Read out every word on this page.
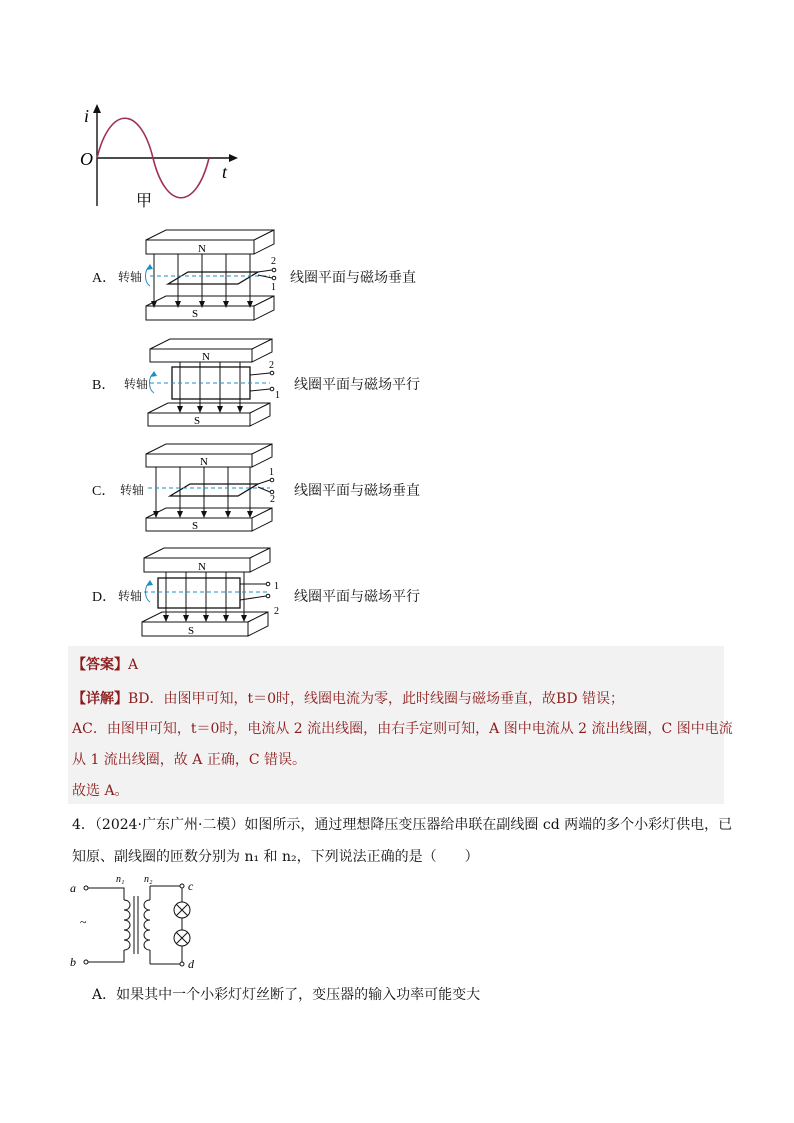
i
O
t
甲
A．	线圈平面与磁场垂直
N
S
2
1
转轴
B．	线圈平面与磁场平行
N
S
2
1
转轴
C．	线圈平面与磁场垂直
N
S
1
2
转轴
D．	线圈平面与磁场平行
N
S
1
2
转轴
【答案】A
【详解】BD．由图甲可知，t＝0时，线圈电流为零，此时线圈与磁场垂直，故BD 错误；
AC．由图甲可知，t＝0时，电流从 2 流出线圈，由右手定则可知，A 图中电流从 2 流出线圈，C 图中电流
从 1 流出线圈，故 A 正确，C 错误。
故选 A。
4．（2024·广东广州·二模）如图所示，通过理想降压变压器给串联在副线圈 cd 两端的多个小彩灯供电，已
知原、副线圈的匝数分别为 n₁ 和 n₂，下列说法正确的是（　　）
a
b
c
d
n₁ n₂
~
A．如果其中一个小彩灯灯丝断了，变压器的输入功率可能变大
